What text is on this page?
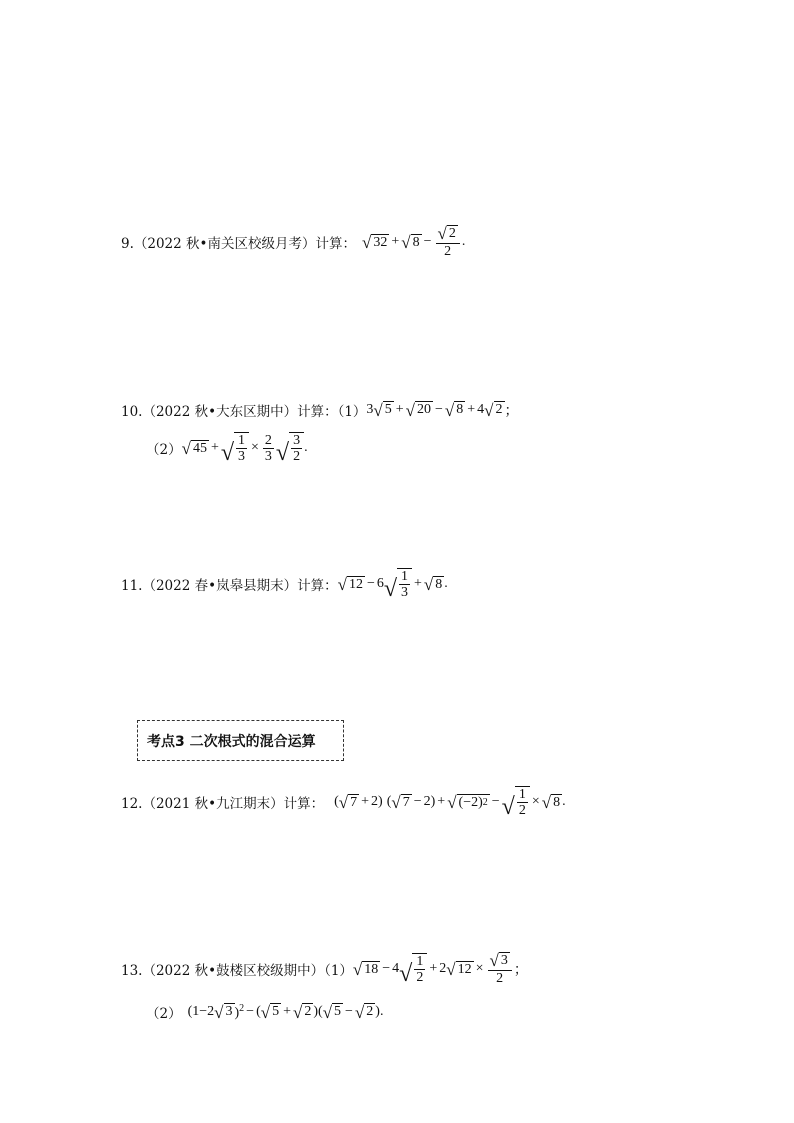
9.（2022 秋•南关区校级月考）计算： √ 32 + √ $8 - \frac{√ 2}{2}$ .
10.（2022 秋•大东区期中）计算：（1） 3 √ 5 + √ 20 − √ 8 + 4 √ 2 ；
（2） √ 45 + √ $\frac{1}{3} \times \frac{2}{3}$ √ $\frac{3}{2}$ .
11.（2022 春•岚皋县期末）计算： √ 12 − 6 √ $\frac{1}{3}$ + √ 8 .
考点3 二次根式的混合运算
12.（2021 秋•九江期末）计算： ( √ 7 + 2) ( √ 7 − 2) + √ (−2) 2 − √ $\frac{1}{2}$ × √ 8 .
13.（2022 秋•鼓楼区校级期中）（1） √ 18 − 4 √ $\frac{1}{2} + 2$ √ $12 \times \frac{√ 3}{2}$ ；
（2） (1−2 √ 3 )$^2$ − ( √ 5 + √ 2 ) ( √ 5 − √ 2 ) .
